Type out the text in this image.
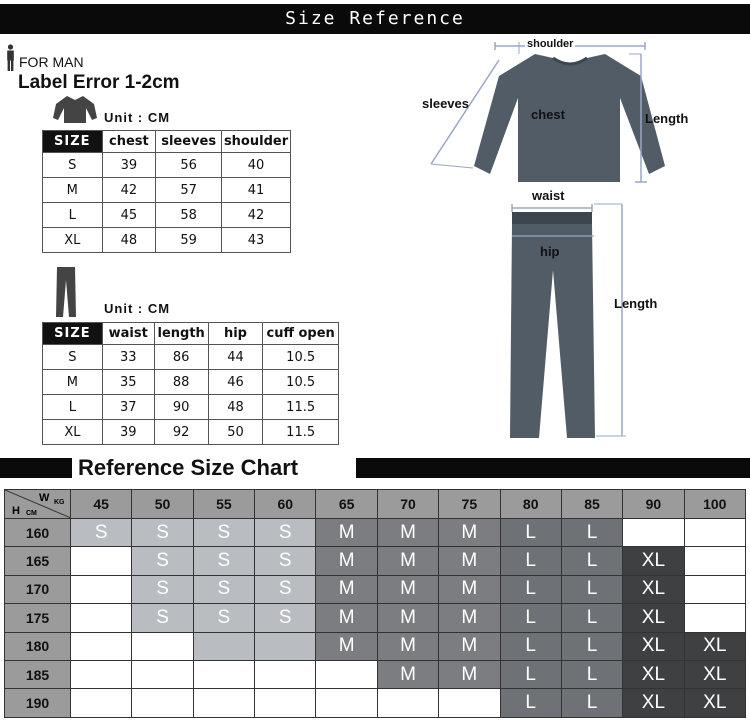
Size Reference
FOR MAN
Label Error 1-2cm
Unit : CM
SIZE	chest	sleeves	shoulder
S	39	56	40
M	42	57	41
L	45	58	42
XL	48	59	43
Unit : CM
SIZE	waist	length	hip	cuff open
S	33	86	44	10.5
M	35	88	46	10.5
L	37	90	48	11.5
XL	39	92	50	11.5
shoulder
sleeves
chest	Length
waist
hip
Length
Reference Size Chart
W KG
H CM	45	50	55	60	65	70	75	80	85	90	100
160	S	S	S	S	M	M	M	L	L		
165		S	S	S	M	M	M	L	L	XL	
170		S	S	S	M	M	M	L	L	XL	
175		S	S	S	M	M	M	L	L	XL	
180					M	M	M	L	L	XL	XL
185						M	M	L	L	XL	XL
190								L	L	XL	XL
